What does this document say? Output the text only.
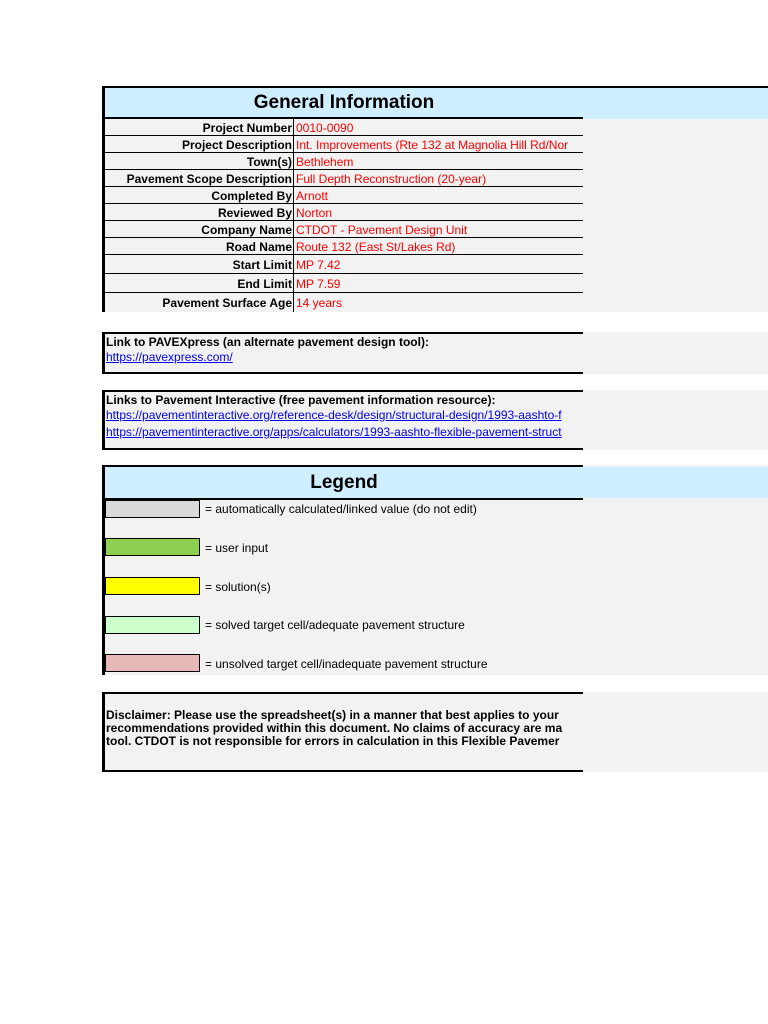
General Information
Project Number 0010-0090
Project Description Int. Improvements (Rte 132 at Magnolia Hill Rd/Nor
Town(s) Bethlehem
Pavement Scope Description Full Depth Reconstruction (20-year)
Completed By Arnott
Reviewed By Norton
Company Name CTDOT - Pavement Design Unit
Road Name Route 132 (East St/Lakes Rd)
Start Limit MP 7.42
End Limit MP 7.59
Pavement Surface Age 14 years
Link to PAVEXpress (an alternate pavement design tool):
https://pavexpress.com/
Links to Pavement Interactive (free pavement information resource):
https://pavementinteractive.org/reference-desk/design/structural-design/1993-aashto-f
https://pavementinteractive.org/apps/calculators/1993-aashto-flexible-pavement-struct
Legend
= automatically calculated/linked value (do not edit)
= user input
= solution(s)
= solved target cell/adequate pavement structure
= unsolved target cell/inadequate pavement structure
Disclaimer: Please use the spreadsheet(s) in a manner that best applies to your
recommendations provided within this document. No claims of accuracy are ma
tool. CTDOT is not responsible for errors in calculation in this Flexible Pavemer
